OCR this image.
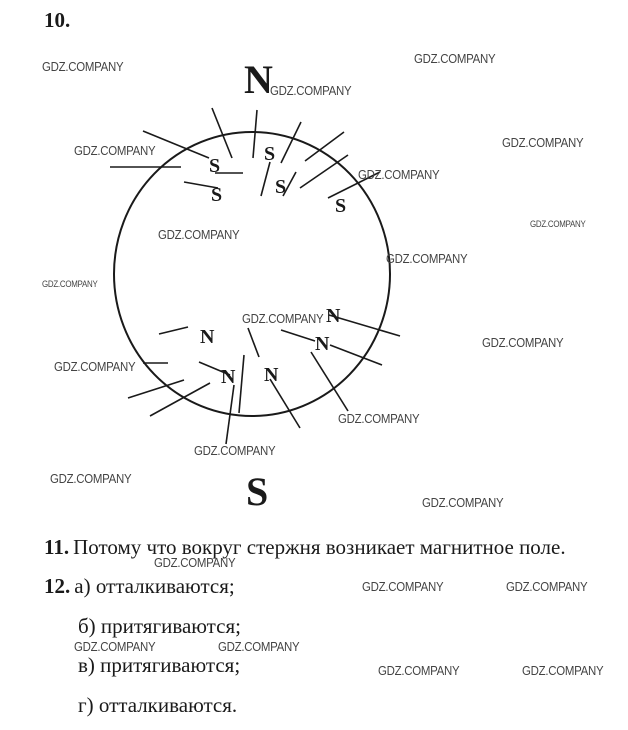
10.
N
S
S
S
S	S
S
N
N	N
N N
11. Потому что вокруг стержня возникает магнитное поле.
12. а) отталкиваются;
б) притягиваются;
в) притягиваются;
г) отталкиваются.
GDZ.COMPANY
GDZ.COMPANY
GDZ.COMPANY
GDZ.COMPANY
GDZ.COMPANY
GDZ.COMPANY
GDZ.COMPANY
GDZ.COMPANY
GDZ.COMPANY
GDZ.COMPANY
GDZ.COMPANY
GDZ.COMPANY
GDZ.COMPANY
GDZ.COMPANY
GDZ.COMPANY
GDZ.COMPANY
GDZ.COMPANY
GDZ.COMPANY
GDZ.COMPANY	GDZ.COMPANY
GDZ.COMPANY	GDZ.COMPANY
GDZ.COMPANY	GDZ.COMPANY
